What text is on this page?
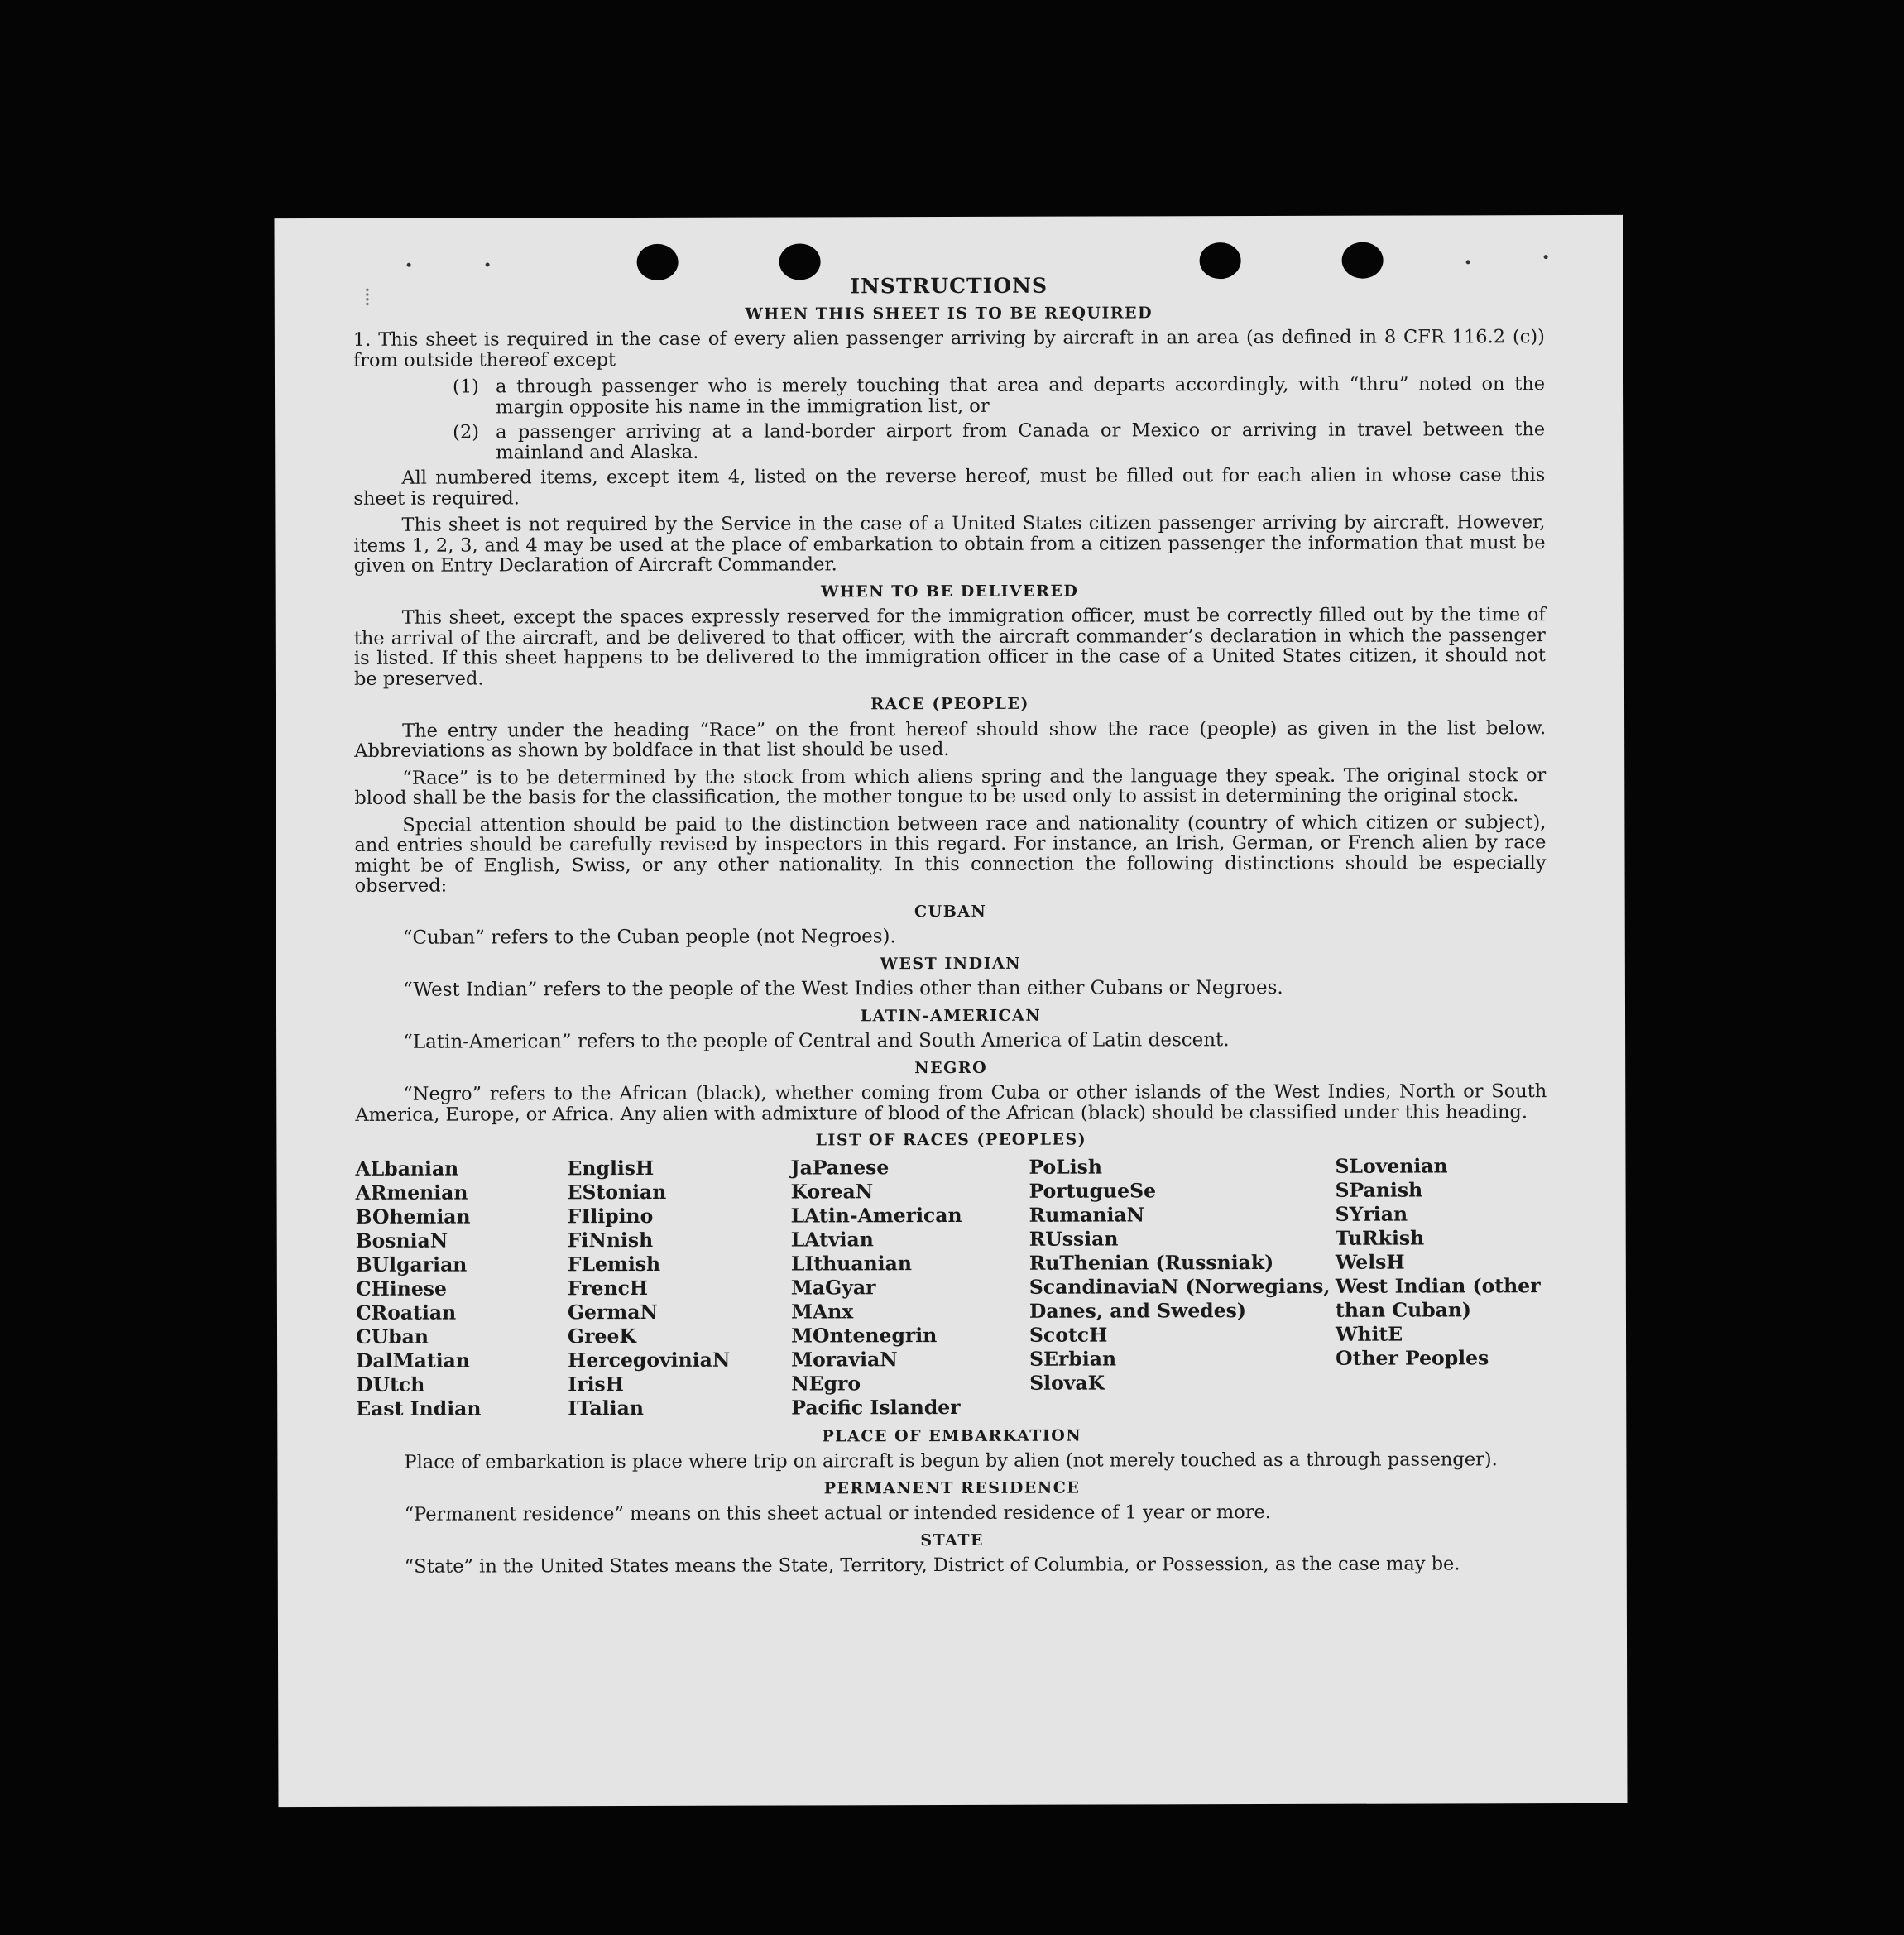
⁞	INSTRUCTIONS
WHEN THIS SHEET IS TO BE REQUIRED

1. This sheet is required in the case of every alien passenger arriving by aircraft in an area (as defined in 8 CFR 116.2 (c)) from outside thereof except

(1) a through passenger who is merely touching that area and departs accordingly, with “thru” noted on the margin opposite his name in the immigration list, or
(2) a passenger arriving at a land-border airport from Canada or Mexico or arriving in travel between the mainland and Alaska.

All numbered items, except item 4, listed on the reverse hereof, must be filled out for each alien in whose case this sheet is required.

This sheet is not required by the Service in the case of a United States citizen passenger arriving by aircraft. However, items 1, 2, 3, and 4 may be used at the place of embarkation to obtain from a citizen passenger the information that must be given on Entry Declaration of Aircraft Commander.

WHEN TO BE DELIVERED

This sheet, except the spaces expressly reserved for the immigration officer, must be correctly filled out by the time of the arrival of the aircraft, and be delivered to that officer, with the aircraft commander’s declaration in which the passenger is listed. If this sheet happens to be delivered to the immigration officer in the case of a United States citizen, it should not be preserved.

RACE (PEOPLE)

The entry under the heading “Race” on the front hereof should show the race (people) as given in the list below. Abbreviations as shown by boldface in that list should be used.

“Race” is to be determined by the stock from which aliens spring and the language they speak. The original stock or blood shall be the basis for the classification, the mother tongue to be used only to assist in determining the original stock.

Special attention should be paid to the distinction between race and nationality (country of which citizen or subject), and entries should be carefully revised by inspectors in this regard. For instance, an Irish, German, or French alien by race might be of English, Swiss, or any other nationality. In this connection the following distinctions should be especially observed:

CUBAN
“Cuban” refers to the Cuban people (not Negroes).
WEST INDIAN
“West Indian” refers to the people of the West Indies other than either Cubans or Negroes.
LATIN-AMERICAN
“Latin-American” refers to the people of Central and South America of Latin descent.
NEGRO

“Negro” refers to the African (black), whether coming from Cuba or other islands of the West Indies, North or South America, Europe, or Africa. Any alien with admixture of blood of the African (black) should be classified under this heading.

LIST OF RACES (PEOPLES)
ALbanian
ARmenian
BOhemian
BosniaN
BUlgarian
CHinese
CRoatian
CUban
DalMatian
DUtch
East Indian
EnglisH
EStonian
FIlipino
FiNnish
FLemish
FrencH
GermaN
GreeK
HercegovinіaN
IrisH
ITalian
JaPanese
KoreaN
LAtin-American
LAtvian
LIthuanian
MaGyar
MAnx
MOntenegrin
MoraviaN
NEgro
Pacific Islander
PoLish
PortugueSe
RumaniaN
RUssian
RuThenian (Russniak)
ScandinaviaN (Norwegians, Danes, and Swedes)
ScotcH
SErbian
SlovaK
SLovenian
SPanish
SYrian
TuRkish
WelsH
West Indian (other than Cuban)
WhitE
Other Peoples
PLACE OF EMBARKATION

Place of embarkation is place where trip on aircraft is begun by alien (not merely touched as a through passenger).

PERMANENT RESIDENCE

“Permanent residence” means on this sheet actual or intended residence of 1 year or more.

STATE

“State” in the United States means the State, Territory, District of Columbia, or Possession, as the case may be.
